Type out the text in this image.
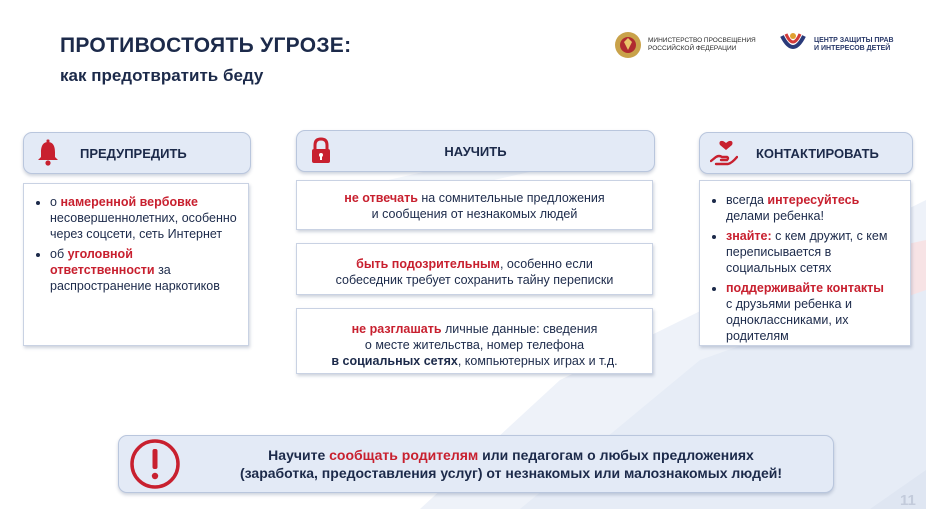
ПРОТИВОСТОЯТЬ УГРОЗЕ:
как предотвратить беду
МИНИСТЕРСТВО ПРОСВЕЩЕНИЯ
РОССИЙСКОЙ ФЕДЕРАЦИИ
ЦЕНТР ЗАЩИТЫ ПРАВ
И ИНТЕРЕСОВ ДЕТЕЙ
ПРЕДУПРЕДИТЬ
• о намеренной вербовке несовершеннолетних, особенно через соцсети, сеть Интернет
• об уголовной ответственности за распространение наркотиков
НАУЧИТЬ
не отвечать на сомнительные предложения
и сообщения от незнакомых людей
быть подозрительным, особенно если
собеседник требует сохранить тайну переписки
не разглашать личные данные: сведения
о месте жительства, номер телефона
в социальных сетях, компьютерных играх и т.д.
КОНТАКТИРОВАТЬ
• всегда интересуйтесь
делами ребенка!
• знайте: с кем дружит, с кем переписывается в социальных сетях
• поддерживайте контакты
с друзьями ребенка и одноклассниками, их родителям
Научите сообщать родителям или педагогам о любых предложениях
(заработка, предоставления услуг) от незнакомых или малознакомых людей!
11
